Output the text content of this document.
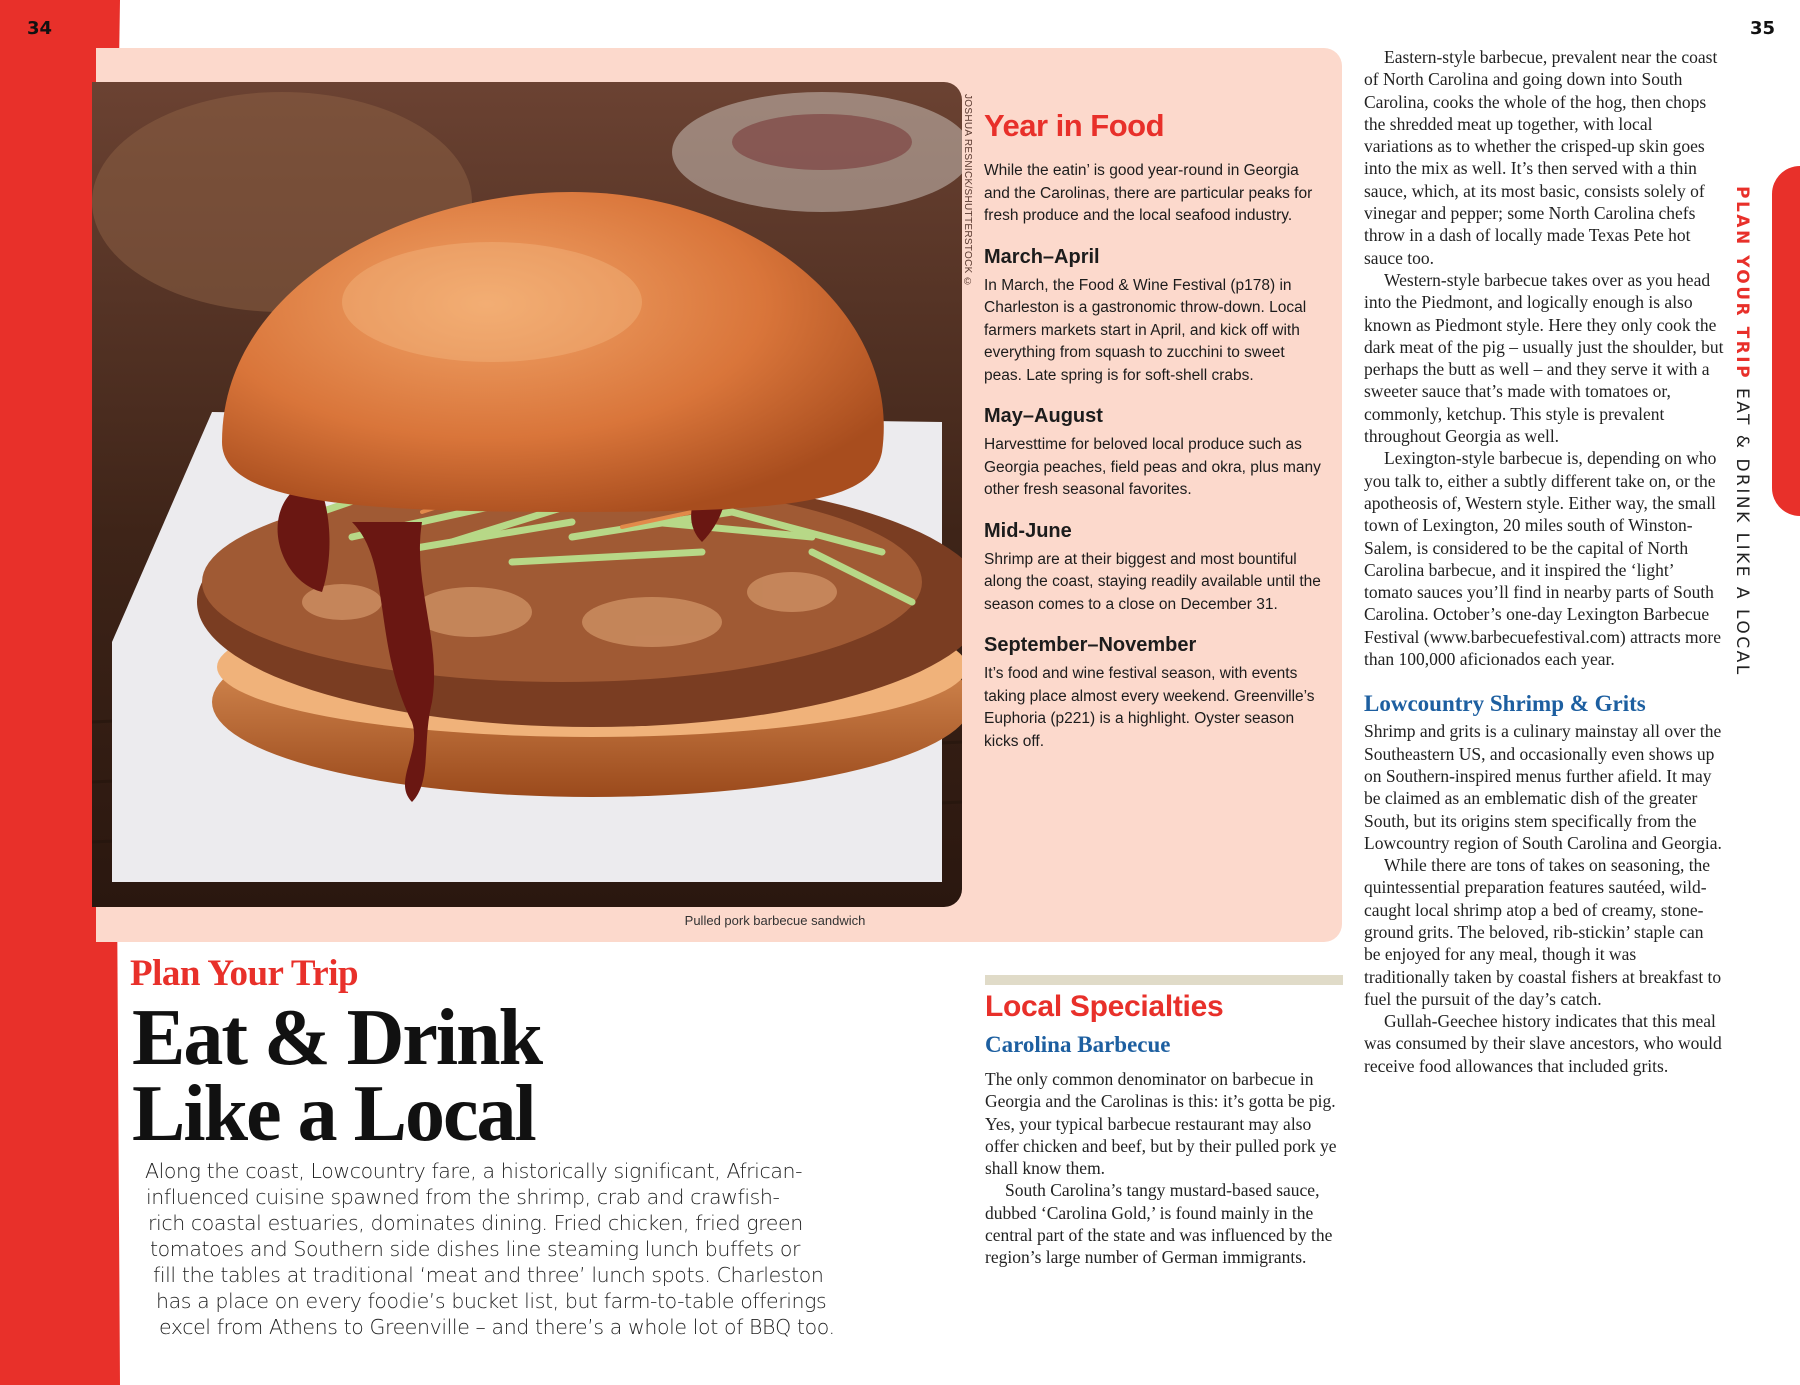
34	35
JOSHUA RESNICK/SHUTTERSTOCK ©
Pulled pork barbecue sandwich
Year in Food

While the eatin’ is good year-round in Georgia and the Carolinas, there are particular peaks for fresh produce and the local seafood industry.

March–April

In March, the Food & Wine Festival (p178) in Charleston is a gastronomic throw-down. Local farmers markets start in April, and kick off with everything from squash to zucchini to sweet peas. Late spring is for soft-shell crabs.

May–August

Harvesttime for beloved local produce such as Georgia peaches, field peas and okra, plus many other fresh seasonal favorites.

Mid-June

Shrimp are at their biggest and most bountiful along the coast, staying readily available until the season comes to a close on December 31.

September–November

It’s food and wine festival season, with events taking place almost every weekend. Greenville’s Euphoria (p221) is a highlight. Oyster season kicks off.

Plan Your Trip
Eat & Drink
Like a Local
Along the coast, Lowcountry fare, a historically significant, African-
influenced cuisine spawned from the shrimp, crab and crawfish-
rich coastal estuaries, dominates dining. Fried chicken, fried green
tomatoes and Southern side dishes line steaming lunch buffets or
fill the tables at traditional ‘meat and three’ lunch spots. Charleston
has a place on every foodie’s bucket list, but farm-to-table offerings
excel from Athens to Greenville – and there’s a whole lot of BBQ too.
Local Specialties
Carolina Barbecue

The only common denominator on barbecue in Georgia and the Carolinas is this: it’s gotta be pig. Yes, your typical barbecue restaurant may also offer chicken and beef, but by their pulled pork ye shall know them.

South Carolina’s tangy mustard-based sauce, dubbed ‘Carolina Gold,’ is found mainly in the central part of the state and was influenced by the region’s large number of German immigrants.

Eastern-style barbecue, prevalent near the coast of North Carolina and going down into South Carolina, cooks the whole of the hog, then chops the shredded meat up together, with local variations as to whether the crisped-up skin goes into the mix as well. It’s then served with a thin sauce, which, at its most basic, consists solely of vinegar and pepper; some North Carolina chefs throw in a dash of locally made Texas Pete hot sauce too.

Western-style barbecue takes over as you head into the Piedmont, and logically enough is also known as Piedmont style. Here they only cook the dark meat of the pig – usually just the shoulder, but perhaps the butt as well – and they serve it with a sweeter sauce that’s made with tomatoes or, commonly, ketchup. This style is prevalent throughout Georgia as well.

Lexington-style barbecue is, depending on who you talk to, either a subtly different take on, or the apotheosis of, Western style. Either way, the small town of Lexington, 20 miles south of Winston-Salem, is considered to be the capital of North Carolina barbecue, and it inspired the ‘light’ tomato sauces you’ll find in nearby parts of South Carolina. October’s one-day Lexington Barbecue Festival (www.barbecuefestival.com) attracts more than 100,000 aficionados each year.

Lowcountry Shrimp & Grits

Shrimp and grits is a culinary mainstay all over the Southeastern US, and occasionally even shows up on Southern-inspired menus further afield. It may be claimed as an emblematic dish of the greater South, but its origins stem specifically from the Lowcountry region of South Carolina and Georgia.

While there are tons of takes on seasoning, the quintessential preparation features sautéed, wild-caught local shrimp atop a bed of creamy, stone-ground grits. The beloved, rib-stickin’ staple can be enjoyed for any meal, though it was traditionally taken by coastal fishers at breakfast to fuel the pursuit of the day’s catch.

Gullah-Geechee history indicates that this meal was consumed by their slave ancestors, who would receive food allowances that included grits.

PLAN YOUR TRIP EAT & DRINK LIKE A LOCAL
